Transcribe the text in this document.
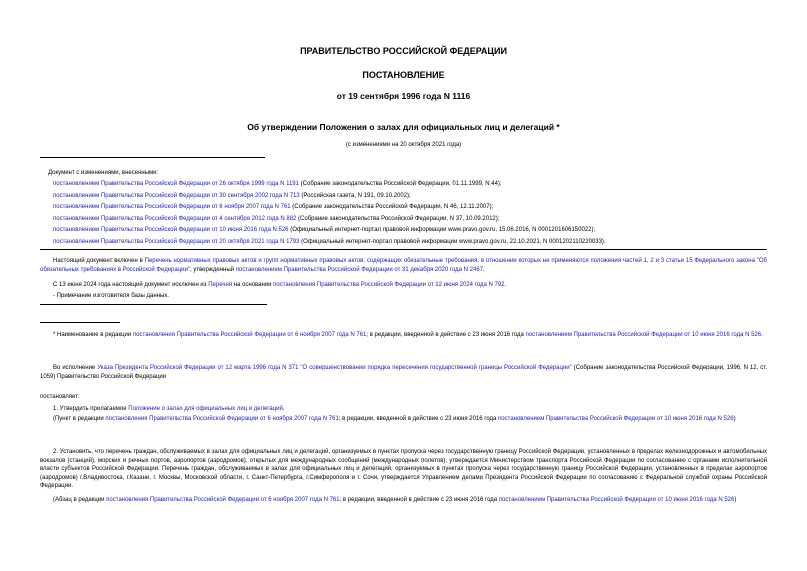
ПРАВИТЕЛЬСТВО РОССИЙСКОЙ ФЕДЕРАЦИИ
ПОСТАНОВЛЕНИЕ
от 19 сентября 1996 года N 1116
Об утверждении Положения о залах для официальных лиц и делегаций *
(с изменениями на 20 октября 2021 года)
Документ с изменениями, внесенными:
постановлением Правительства Российской Федерации от 26 октября 1999 года N 1191 (Собрание законодательства Российской Федерации, 01.11.1999, N 44);
постановлением Правительства Российской Федерации от 30 сентября 2002 года N 713 (Российская газета, N 191, 09.10.2002);
постановлением Правительства Российской Федерации от 6 ноября 2007 года N 761 (Собрание законодательства Российской Федерации, N 46, 12.11.2007);
постановлением Правительства Российской Федерации от 4 сентября 2012 года N 882 (Собрание законодательства Российской Федерации, N 37, 10.09.2012);
постановлением Правительства Российской Федерации от 10 июня 2016 года N 526 (Официальный интернет-портал правовой информации www.pravo.gov.ru, 15.06.2016, N 0001201606150022);
постановлением Правительства Российской Федерации от 20 октября 2021 года N 1793 (Официальный интернет-портал правовой информации www.pravo.gov.ru, 22.10.2021, N 0001202110220033).
Настоящий документ включен в Перечень нормативных правовых актов и групп нормативных правовых актов, содержащих обязательные требования, в отношении которых не применяются положения частей 1, 2 и 3 статьи 15 Федерального закона "Об обязательных требованиях в Российской Федерации", утвержденный постановлением Правительства Российской Федерации от 31 декабря 2020 года N 2467.
С 13 июня 2024 года настоящий документ исключен из Перечня на основании постановления Правительства Российской Федерации от 12 июня 2024 года N 792.
- Примечание изготовителя базы данных.
* Наименование в редакции постановления Правительства Российской Федерации от 6 ноября 2007 года N 761; в редакции, введенной в действие с 23 июня 2016 года постановлением Правительства Российской Федерации от 10 июня 2016 года N 526.
Во исполнение Указа Президента Российской Федерации от 12 марта 1996 года N 371 "О совершенствовании порядка пересечения государственной границы Российской Федерации" (Собрание законодательства Российской Федерации, 1996, N 12, ст. 1059) Правительство Российской Федерации
постановляет:
1. Утвердить прилагаемое Положение о залах для официальных лиц и делегаций.
(Пункт в редакции постановления Правительства Российской Федерации от 6 ноября 2007 года N 761; в редакции, введенной в действие с 23 июня 2016 года постановлением Правительства Российской Федерации от 10 июня 2016 года N 526)
2. Установить, что перечень граждан, обслуживаемых в залах для официальных лиц и делегаций, организуемых в пунктах пропуска через государственную границу Российской Федерации, установленных в пределах железнодорожных и автомобильных вокзалов (станций), морских и речных портов, аэропортов (аэродромов), открытых для международных сообщений (международных полетов), утверждается Министерством транспорта Российской Федерации по согласованию с органами исполнительной власти субъектов Российской Федерации. Перечень граждан, обслуживаемых в залах для официальных лиц и делегаций, организуемых в пунктах пропуска через государственную границу Российской Федерации, установленных в пределах аэропортов (аэродромов) г.Владивостока, г.Казани, г. Москвы, Московской области, г. Санкт-Петербурга, г.Симферополя и г. Сочи, утверждается Управлением делами Президента Российской Федерации по согласованию с Федеральной службой охраны Российской Федерации.
(Абзац в редакции постановления Правительства Российской Федерации от 6 ноября 2007 года N 761; в редакции, введенной в действие с 23 июня 2016 года постановлением Правительства Российской Федерации от 10 июня 2016 года N 526)
